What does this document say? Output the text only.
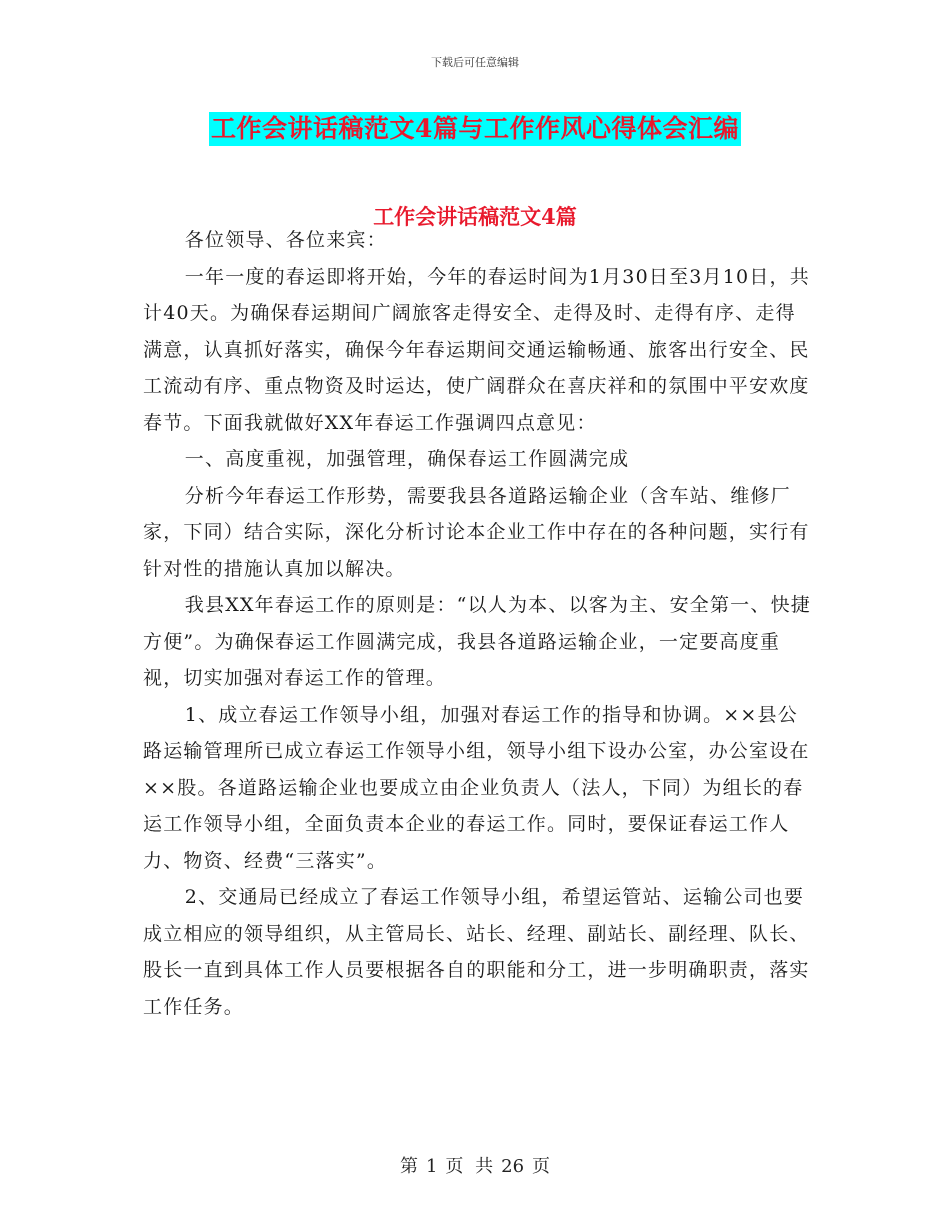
下载后可任意编辑
工作会讲话稿范文4篇与工作作风心得体会汇编
工作会讲话稿范文4篇

各位领导、各位来宾：

一年一度的春运即将开始，今年的春运时间为1月30日至3月10日，共计40天。为确保春运期间广阔旅客走得安全、走得及时、走得有序、走得满意，认真抓好落实，确保今年春运期间交通运输畅通、旅客出行安全、民工流动有序、重点物资及时运达，使广阔群众在喜庆祥和的氛围中平安欢度春节。下面我就做好XX年春运工作强调四点意见：

一、高度重视，加强管理，确保春运工作圆满完成

分析今年春运工作形势，需要我县各道路运输企业（含车站、维修厂家，下同）结合实际，深化分析讨论本企业工作中存在的各种问题，实行有针对性的措施认真加以解决。

我县XX年春运工作的原则是：“以人为本、以客为主、安全第一、快捷方便”。为确保春运工作圆满完成，我县各道路运输企业，一定要高度重视，切实加强对春运工作的管理。

1、成立春运工作领导小组，加强对春运工作的指导和协调。××县公路运输管理所已成立春运工作领导小组，领导小组下设办公室，办公室设在××股。各道路运输企业也要成立由企业负责人（法人，下同）为组长的春运工作领导小组，全面负责本企业的春运工作。同时，要保证春运工作人力、物资、经费“三落实”。

2、交通局已经成立了春运工作领导小组，希望运管站、运输公司也要成立相应的领导组织，从主管局长、站长、经理、副站长、副经理、队长、股长一直到具体工作人员要根据各自的职能和分工，进一步明确职责，落实工作任务。

第 1 页 共 26 页
